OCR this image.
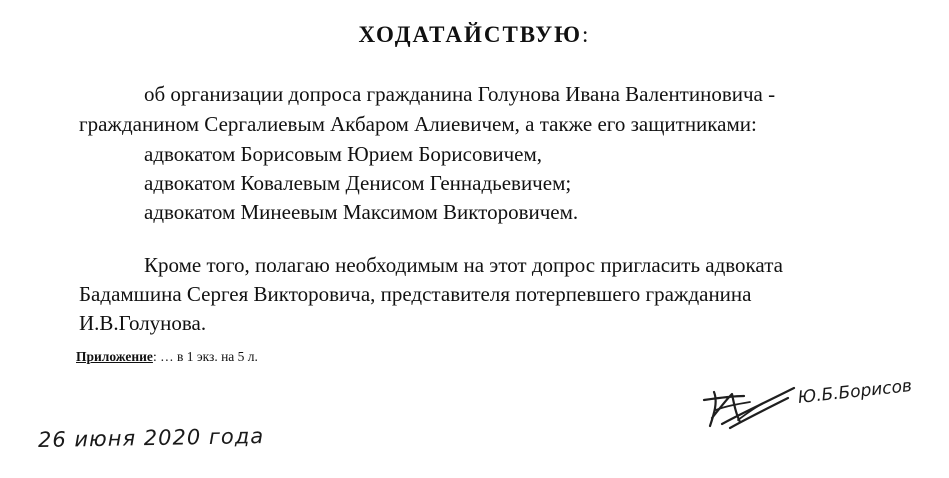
ХОДАТАЙСТВУЮ:
об организации допроса гражданина Голунова Ивана Валентиновича -
гражданином Сергалиевым Акбаром Алиевичем, а также его защитниками:
адвокатом Борисовым Юрием Борисовичем,
адвокатом Ковалевым Денисом Геннадьевичем;
адвокатом Минеевым Максимом Викторовичем.
Кроме того, полагаю необходимым на этот допрос пригласить адвоката
Бадамшина Сергея Викторовича, представителя потерпевшего гражданина
И.В.Голунова.
Приложение: … в 1 экз. на 5 л.
Ю.Б.Борисов
26 июня 2020 года
